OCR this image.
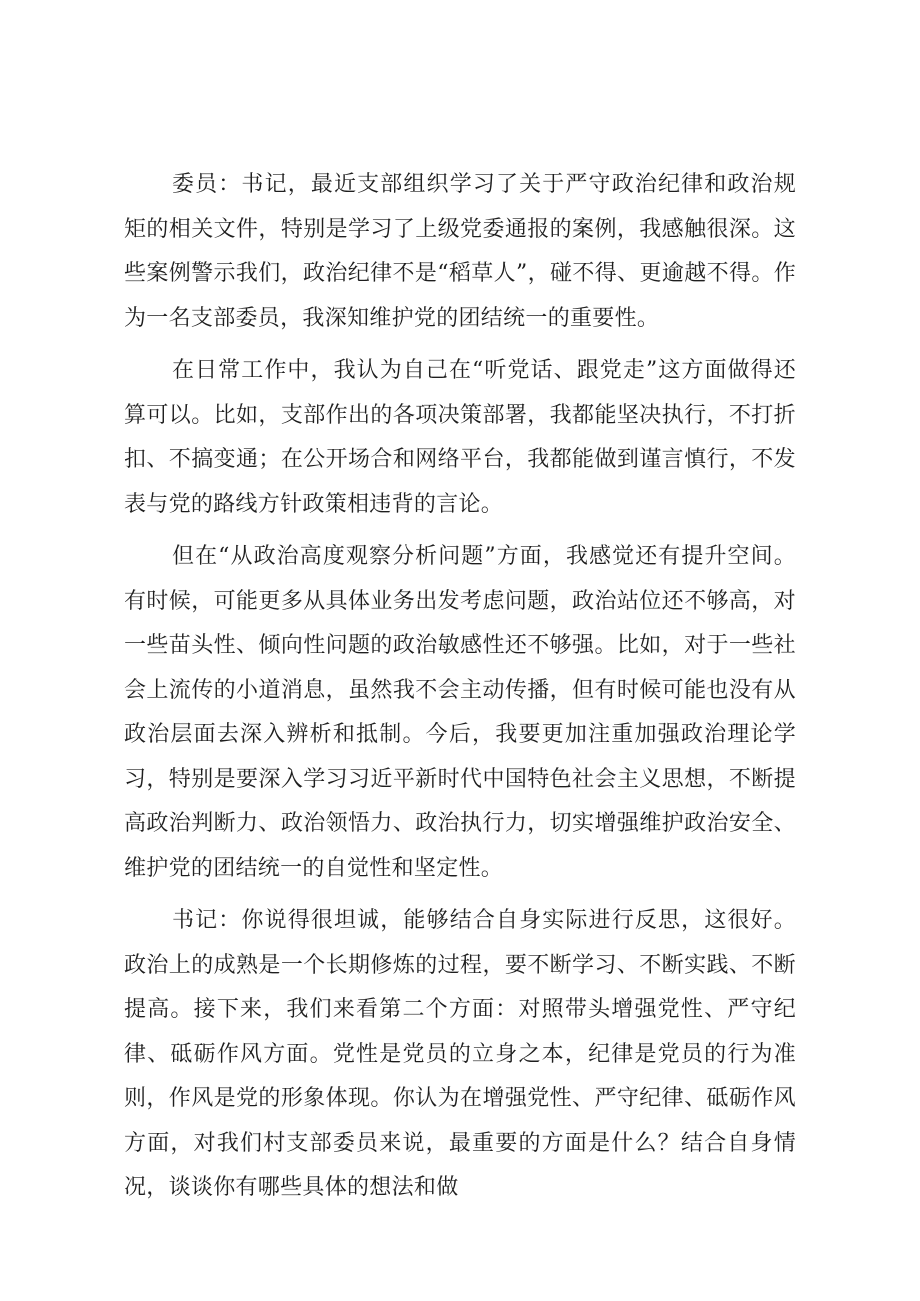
委员：书记，最近支部组织学习了关于严守政治纪律和政治规矩的相关文件，特别是学习了上级党委通报的案例，我感触很深。这些案例警示我们，政治纪律不是“稻草人”，碰不得、更逾越不得。作为一名支部委员，我深知维护党的团结统一的重要性。

在日常工作中，我认为自己在“听党话、跟党走”这方面做得还算可以。比如，支部作出的各项决策部署，我都能坚决执行，不打折扣、不搞变通；在公开场合和网络平台，我都能做到谨言慎行，不发表与党的路线方针政策相违背的言论。

但在“从政治高度观察分析问题”方面，我感觉还有提升空间。有时候，可能更多从具体业务出发考虑问题，政治站位还不够高，对一些苗头性、倾向性问题的政治敏感性还不够强。比如，对于一些社会上流传的小道消息，虽然我不会主动传播，但有时候可能也没有从政治层面去深入辨析和抵制。今后，我要更加注重加强政治理论学习，特别是要深入学习习近平新时代中国特色社会主义思想，不断提高政治判断力、政治领悟力、政治执行力，切实增强维护政治安全、维护党的团结统一的自觉性和坚定性。

书记：你说得很坦诚，能够结合自身实际进行反思，这很好。政治上的成熟是一个长期修炼的过程，要不断学习、不断实践、不断提高。接下来，我们来看第二个方面：对照带头增强党性、严守纪律、砥砺作风方面。党性是党员的立身之本，纪律是党员的行为准则，作风是党的形象体现。你认为在增强党性、严守纪律、砥砺作风方面，对我们村支部委员来说，最重要的方面是什么？结合自身情况，谈谈你有哪些具体的想法和做
